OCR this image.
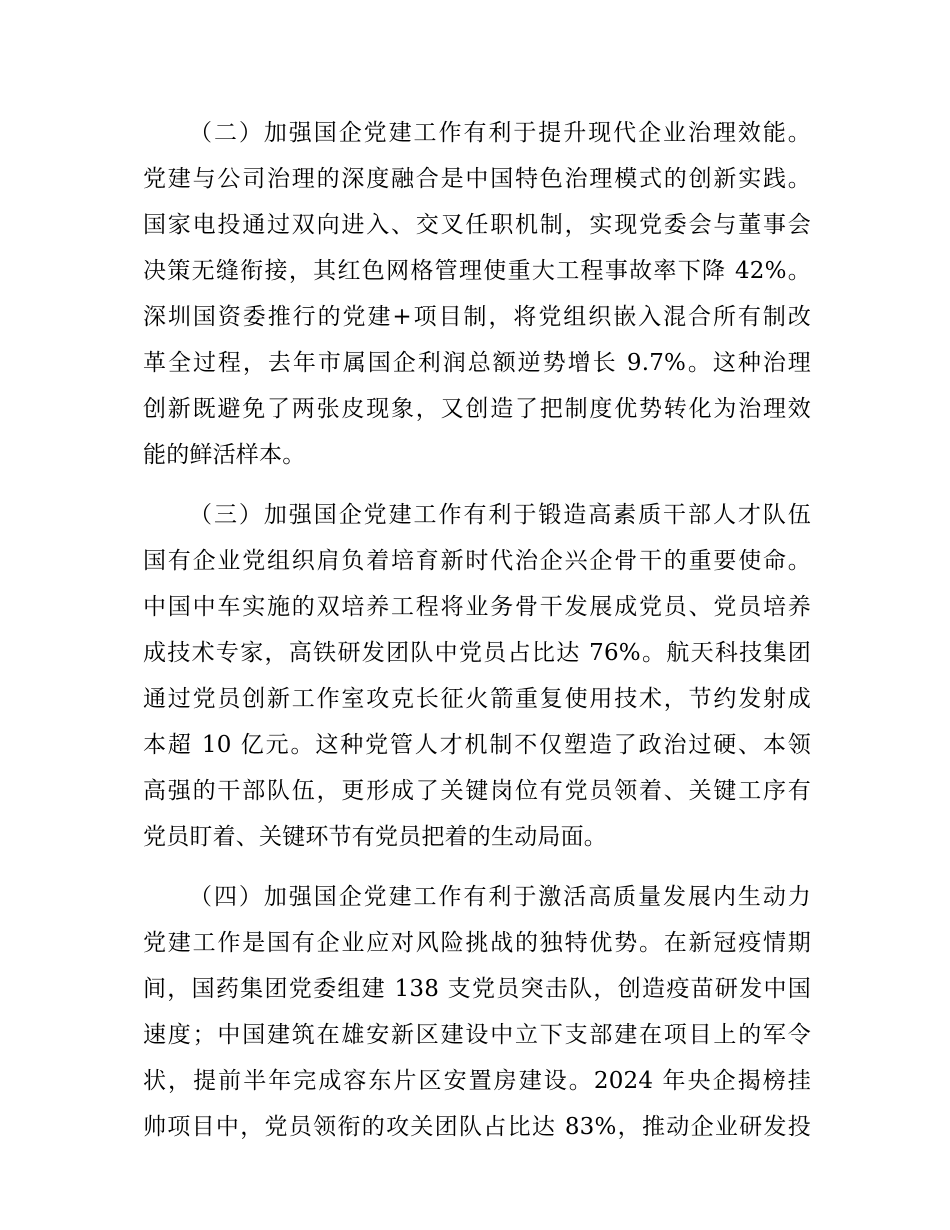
（二）加强国企党建工作有利于提升现代企业治理效能。
党建与公司治理的深度融合是中国特色治理模式的创新实践。
国家电投通过双向进入、交叉任职机制，实现党委会与董事会
决策无缝衔接，其红色网格管理使重大工程事故率下降 42%。
深圳国资委推行的党建+项目制，将党组织嵌入混合所有制改
革全过程，去年市属国企利润总额逆势增长 9.7%。这种治理
创新既避免了两张皮现象，又创造了把制度优势转化为治理效
能的鲜活样本。
（三）加强国企党建工作有利于锻造高素质干部人才队伍
国有企业党组织肩负着培育新时代治企兴企骨干的重要使命。
中国中车实施的双培养工程将业务骨干发展成党员、党员培养
成技术专家，高铁研发团队中党员占比达 76%。航天科技集团
通过党员创新工作室攻克长征火箭重复使用技术，节约发射成
本超 10 亿元。这种党管人才机制不仅塑造了政治过硬、本领
高强的干部队伍，更形成了关键岗位有党员领着、关键工序有
党员盯着、关键环节有党员把着的生动局面。
（四）加强国企党建工作有利于激活高质量发展内生动力
党建工作是国有企业应对风险挑战的独特优势。在新冠疫情期
间，国药集团党委组建 138 支党员突击队，创造疫苗研发中国
速度；中国建筑在雄安新区建设中立下支部建在项目上的军令
状，提前半年完成容东片区安置房建设。2024 年央企揭榜挂
帅项目中，党员领衔的攻关团队占比达 83%，推动企业研发投
